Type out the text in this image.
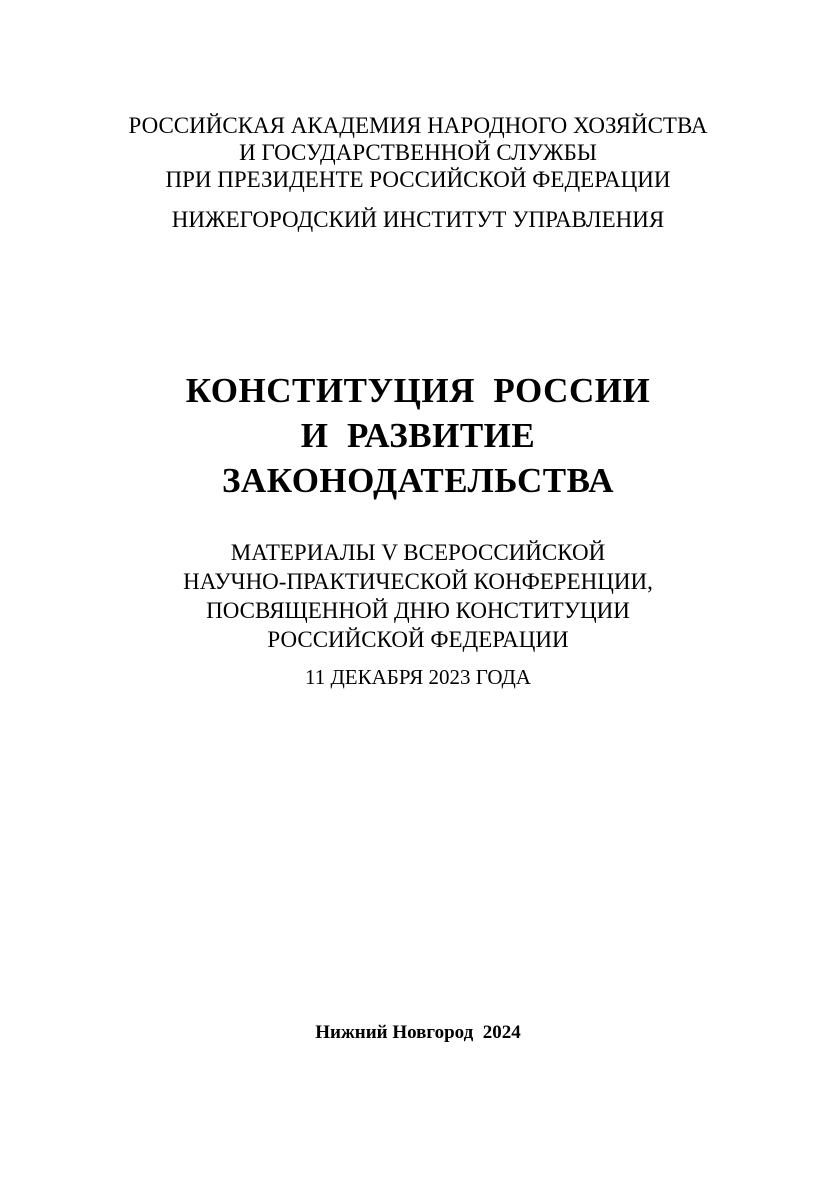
РОССИЙСКАЯ АКАДЕМИЯ НАРОДНОГО ХОЗЯЙСТВА
И ГОСУДАРСТВЕННОЙ СЛУЖБЫ
ПРИ ПРЕЗИДЕНТЕ РОССИЙСКОЙ ФЕДЕРАЦИИ
НИЖЕГОРОДСКИЙ ИНСТИТУТ УПРАВЛЕНИЯ
КОНСТИТУЦИЯ  РОССИИ
И  РАЗВИТИЕ
ЗАКОНОДАТЕЛЬСТВА
МАТЕРИАЛЫ V ВСЕРОССИЙСКОЙ
НАУЧНО-ПРАКТИЧЕСКОЙ КОНФЕРЕНЦИИ,
ПОСВЯЩЕННОЙ ДНЮ КОНСТИТУЦИИ
РОССИЙСКОЙ ФЕДЕРАЦИИ
11 ДЕКАБРЯ 2023 ГОДА
Нижний Новгород  2024
